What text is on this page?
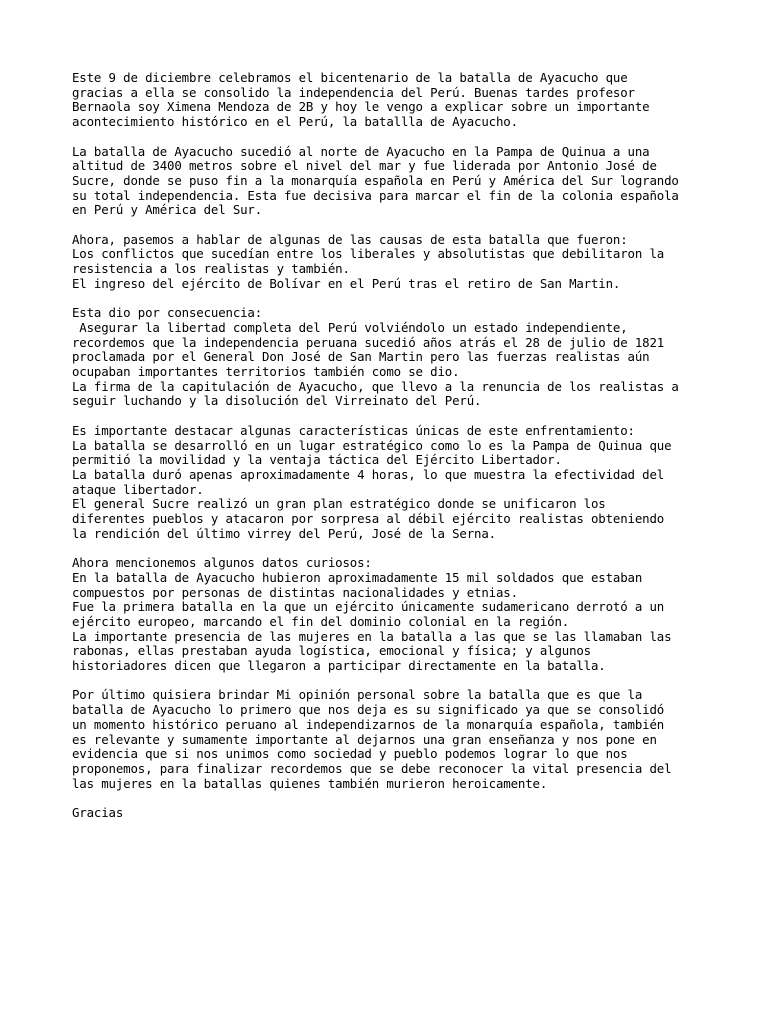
Este 9 de diciembre celebramos el bicentenario de la batalla de Ayacucho que
gracias a ella se consolido la independencia del Perú. Buenas tardes profesor
Bernaola soy Ximena Mendoza de 2B y hoy le vengo a explicar sobre un importante
acontecimiento histórico en el Perú, la batallla de Ayacucho.
La batalla de Ayacucho sucedió al norte de Ayacucho en la Pampa de Quinua a una
altitud de 3400 metros sobre el nivel del mar y fue liderada por Antonio José de
Sucre, donde se puso fin a la monarquía española en Perú y América del Sur logrando
su total independencia. Esta fue decisiva para marcar el fin de la colonia española
en Perú y América del Sur.
Ahora, pasemos a hablar de algunas de las causas de esta batalla que fueron:
Los conflictos que sucedían entre los liberales y absolutistas que debilitaron la
resistencia a los realistas y también.
El ingreso del ejército de Bolívar en el Perú tras el retiro de San Martin.
Esta dio por consecuencia:
Asegurar la libertad completa del Perú volviéndolo un estado independiente,
recordemos que la independencia peruana sucedió años atrás el 28 de julio de 1821
proclamada por el General Don José de San Martin pero las fuerzas realistas aún
ocupaban importantes territorios también como se dio.
La firma de la capitulación de Ayacucho, que llevo a la renuncia de los realistas a
seguir luchando y la disolución del Virreinato del Perú.
Es importante destacar algunas características únicas de este enfrentamiento:
La batalla se desarrolló en un lugar estratégico como lo es la Pampa de Quinua que
permitió la movilidad y la ventaja táctica del Ejército Libertador.
La batalla duró apenas aproximadamente 4 horas, lo que muestra la efectividad del
ataque libertador.
El general Sucre realizó un gran plan estratégico donde se unificaron los
diferentes pueblos y atacaron por sorpresa al débil ejército realistas obteniendo
la rendición del último virrey del Perú, José de la Serna.
Ahora mencionemos algunos datos curiosos:
En la batalla de Ayacucho hubieron aproximadamente 15 mil soldados que estaban
compuestos por personas de distintas nacionalidades y etnias.
Fue la primera batalla en la que un ejército únicamente sudamericano derrotó a un
ejército europeo, marcando el fin del dominio colonial en la región.
La importante presencia de las mujeres en la batalla a las que se las llamaban las
rabonas, ellas prestaban ayuda logística, emocional y física; y algunos
historiadores dicen que llegaron a participar directamente en la batalla.
Por último quisiera brindar Mi opinión personal sobre la batalla que es que la
batalla de Ayacucho lo primero que nos deja es su significado ya que se consolidó
un momento histórico peruano al independizarnos de la monarquía española, también
es relevante y sumamente importante al dejarnos una gran enseñanza y nos pone en
evidencia que si nos unimos como sociedad y pueblo podemos lograr lo que nos
proponemos, para finalizar recordemos que se debe reconocer la vital presencia del
las mujeres en la batallas quienes también murieron heroicamente.
Gracias
